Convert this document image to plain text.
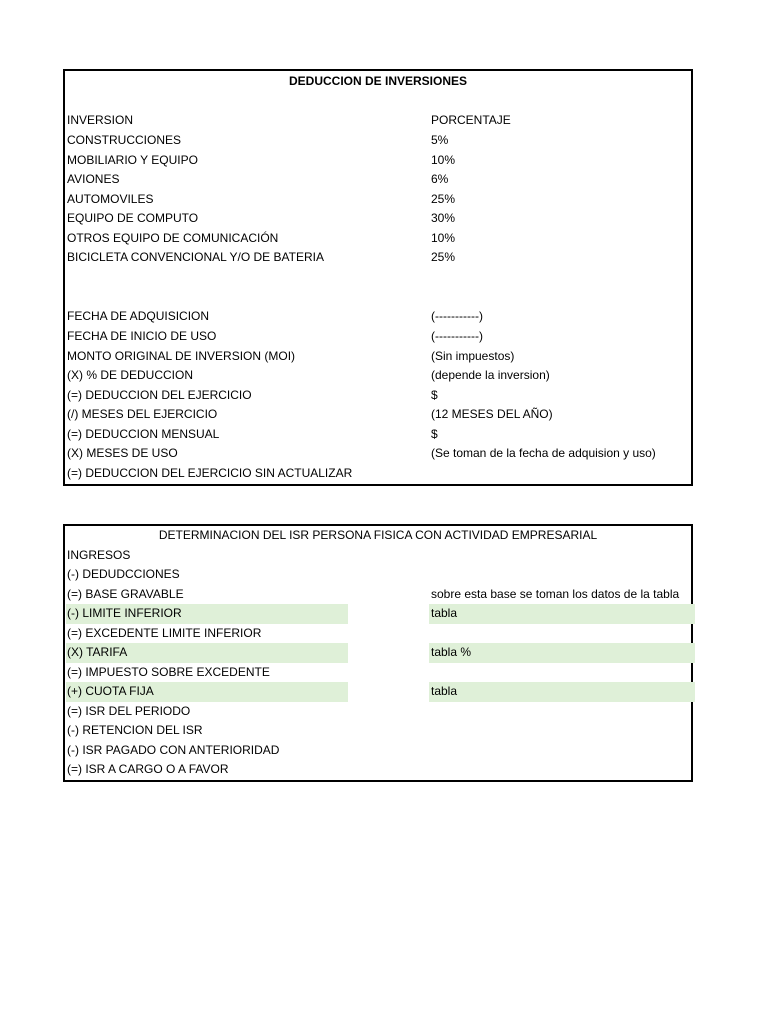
DEDUCCION DE INVERSIONES
INVERSION	PORCENTAJE
CONSTRUCCIONES	5%
MOBILIARIO Y EQUIPO	10%
AVIONES	6%
AUTOMOVILES	25%
EQUIPO DE COMPUTO	30%
OTROS EQUIPO DE COMUNICACIÓN	10%
BICICLETA CONVENCIONAL Y/O DE BATERIA	25%
FECHA DE ADQUISICION	(-----------)
FECHA DE INICIO DE USO	(-----------)
MONTO ORIGINAL DE INVERSION (MOI)	(Sin impuestos)
(X) % DE DEDUCCION	(depende la inversion)
(=) DEDUCCION DEL EJERCICIO	$
(/) MESES DEL EJERCICIO	(12 MESES DEL AÑO)
(=) DEDUCCION MENSUAL	$
(X) MESES DE USO	(Se toman de la fecha de adquision y uso)
(=) DEDUCCION DEL EJERCICIO SIN ACTUALIZAR
DETERMINACION DEL ISR PERSONA FISICA CON ACTIVIDAD EMPRESARIAL
INGRESOS
(-) DEDUDCCIONES
(=) BASE GRAVABLE	sobre esta base se toman los datos de la tabla
(-) LIMITE INFERIOR	tabla
(=) EXCEDENTE LIMITE INFERIOR
(X) TARIFA	tabla %
(=) IMPUESTO SOBRE EXCEDENTE
(+) CUOTA FIJA	tabla
(=) ISR DEL PERIODO
(-) RETENCION DEL ISR
(-) ISR PAGADO CON ANTERIORIDAD
(=) ISR A CARGO O A FAVOR
